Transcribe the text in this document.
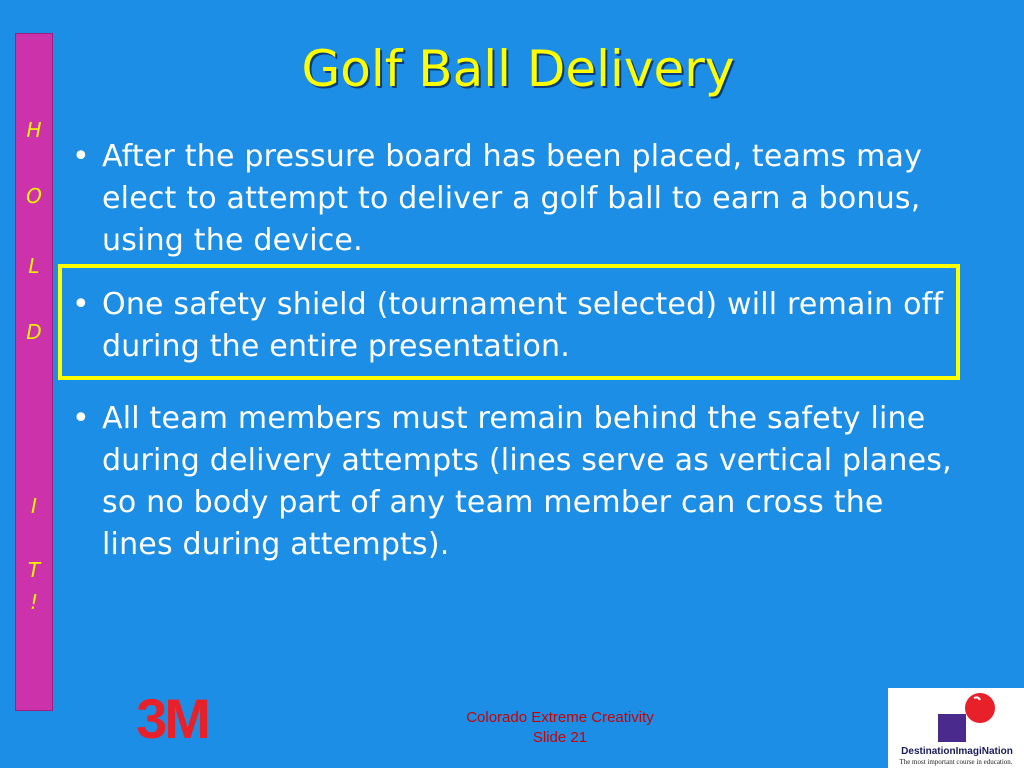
H
O
L
D
I
T
!
Golf Ball Delivery
• After the pressure board has been placed, teams may elect to attempt to deliver a golf ball to earn a bonus, using the device.
• One safety shield (tournament selected) will remain off during the entire presentation.
• All team members must remain behind the safety line during delivery attempts (lines serve as vertical planes, so no body part of any team member can cross the lines during attempts).
3M	Colorado Extreme Creativity
Slide 21
DestinationImagiNation
The most important course in education.
